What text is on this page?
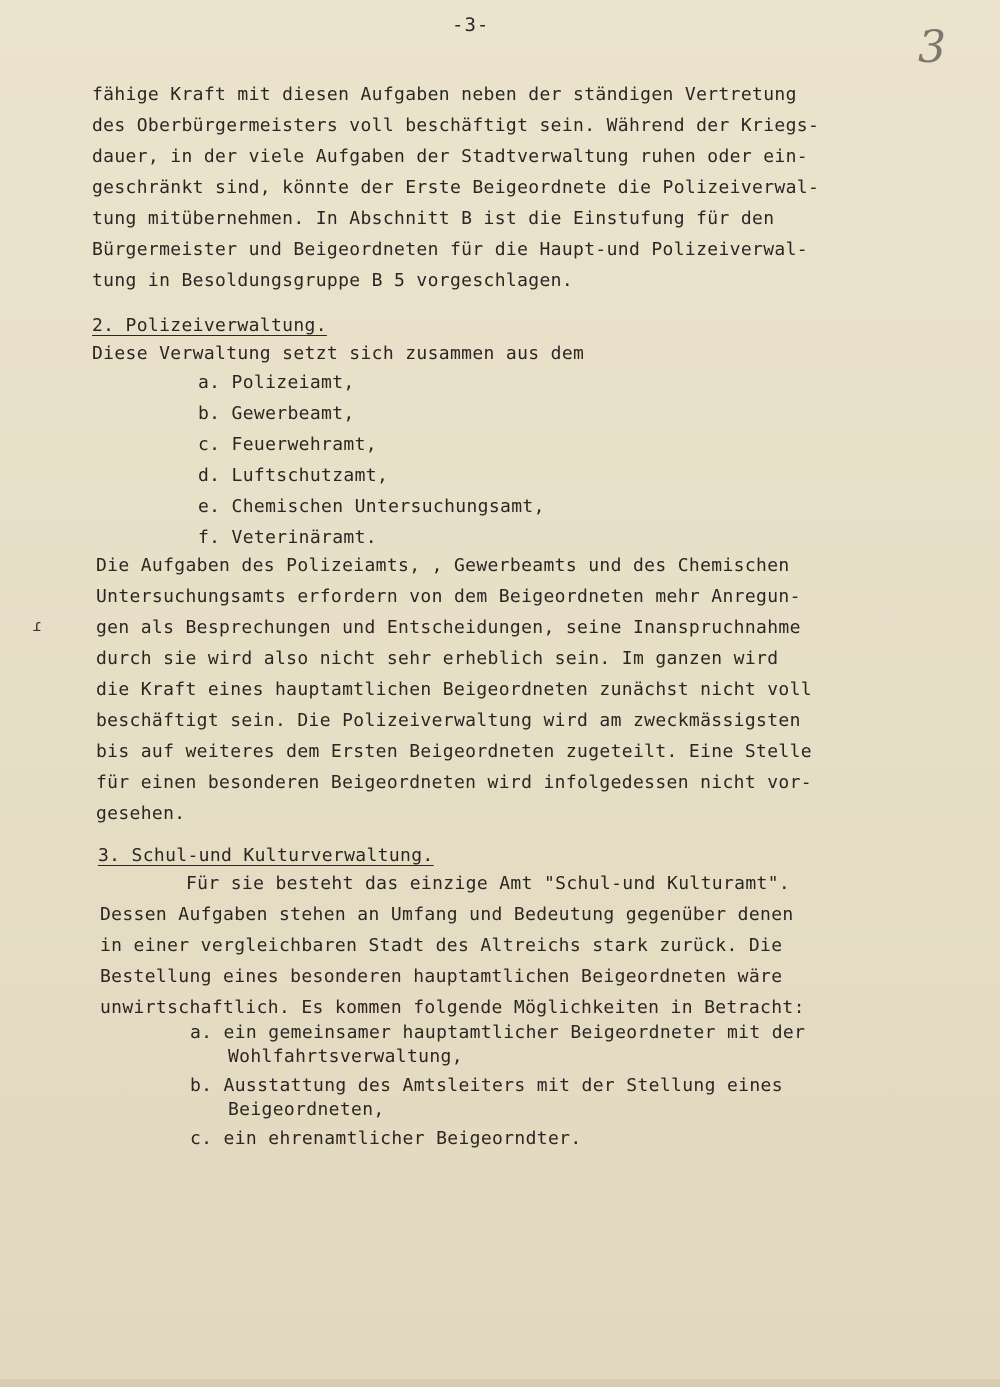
-3-	3
ɾ
fähige Kraft mit diesen Aufgaben neben der ständigen Vertretung
des Oberbürgermeisters voll beschäftigt sein. Während der Kriegs-
dauer, in der viele Aufgaben der Stadtverwaltung ruhen oder ein-
geschränkt sind, könnte der Erste Beigeordnete die Polizeiverwal-
tung mitübernehmen. In Abschnitt B ist die Einstufung für den
Bürgermeister und Beigeordneten für die Haupt-und Polizeiverwal-
tung in Besoldungsgruppe B 5 vorgeschlagen.
2. Polizeiverwaltung.
Diese Verwaltung setzt sich zusammen aus dem
a. Polizeiamt,
b. Gewerbeamt,
c. Feuerwehramt,
d. Luftschutzamt,
e. Chemischen Untersuchungsamt,
f. Veterinäramt.
Die Aufgaben des Polizeiamts, , Gewerbeamts und des Chemischen
Untersuchungsamts erfordern von dem Beigeordneten mehr Anregun-
gen als Besprechungen und Entscheidungen, seine Inanspruchnahme
durch sie wird also nicht sehr erheblich sein. Im ganzen wird
die Kraft eines hauptamtlichen Beigeordneten zunächst nicht voll
beschäftigt sein. Die Polizeiverwaltung wird am zweckmässigsten
bis auf weiteres dem Ersten Beigeordneten zugeteilt. Eine Stelle
für einen besonderen Beigeordneten wird infolgedessen nicht vor-
gesehen.
3. Schul-und Kulturverwaltung.
Für sie besteht das einzige Amt "Schul-und Kulturamt".
Dessen Aufgaben stehen an Umfang und Bedeutung gegenüber denen
in einer vergleichbaren Stadt des Altreichs stark zurück. Die
Bestellung eines besonderen hauptamtlichen Beigeordneten wäre
unwirtschaftlich. Es kommen folgende Möglichkeiten in Betracht:
a. ein gemeinsamer hauptamtlicher Beigeordneter mit der
Wohlfahrtsverwaltung,
b. Ausstattung des Amtsleiters mit der Stellung eines
Beigeordneten,
c. ein ehrenamtlicher Beigeorndter.
